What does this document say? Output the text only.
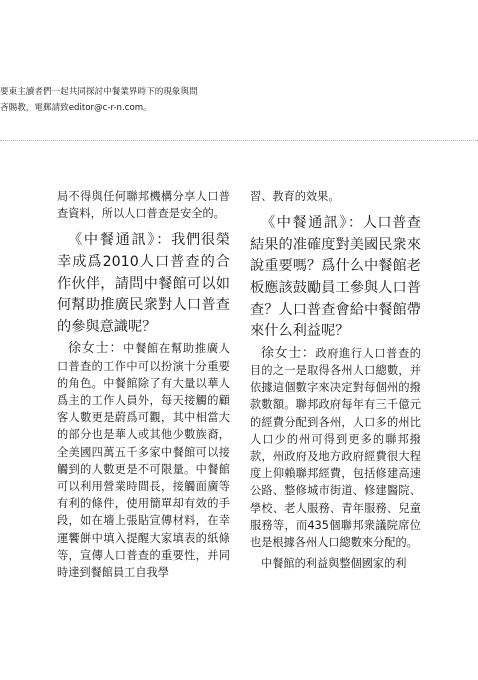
要東主讀者們一起共同探討中餐業界時下的現象與問
吝賜教，電郵請致editor@c-r-n.com。

局不得與任何聯邦機構分享人口普查資料，所以人口普查是安全的。

《中餐通訊》：我們很榮幸成爲2010人口普查的合作伙伴，請問中餐館可以如何幫助推廣民衆對人口普查的參與意識呢？

徐女士：中餐館在幫助推廣人口普查的工作中可以扮演十分重要的角色。中餐館除了有大量以華人爲主的工作人員外，每天接觸的顧客人數更是蔚爲可觀，其中相當大的部分也是華人或其他少數族裔，全美國四萬五千多家中餐館可以接觸到的人數更是不可限量。中餐館可以利用營業時間長，接觸面廣等有利的條件，使用簡單却有效的手段，如在墻上張貼宣傳材料，在幸運饗餅中填入提醒大家填表的紙條等，宣傳人口普查的重要性，并同時達到餐館員工自我學

習、教育的效果。

《中餐通訊》：人口普查結果的准確度對美國民衆來說重要嗎？爲什么中餐館老板應該鼓勵員工參與人口普查？人口普查會給中餐館帶來什么利益呢？

徐女士：政府進行人口普查的目的之一是取得各州人口總數，并依據這個數字來决定對每個州的撥款數額。聯邦政府每年有三千億元的經費分配到各州，人口多的州比人口少的州可得到更多的聯邦撥款，州政府及地方政府經費很大程度上仰賴聯邦經費，包括修建高速公路、整修城市街道、修建醫院、學校、老人服務、青年服務、兒童服務等，而435個聯邦衆議院席位也是根據各州人口總數來分配的。

中餐館的利益與整個國家的利
